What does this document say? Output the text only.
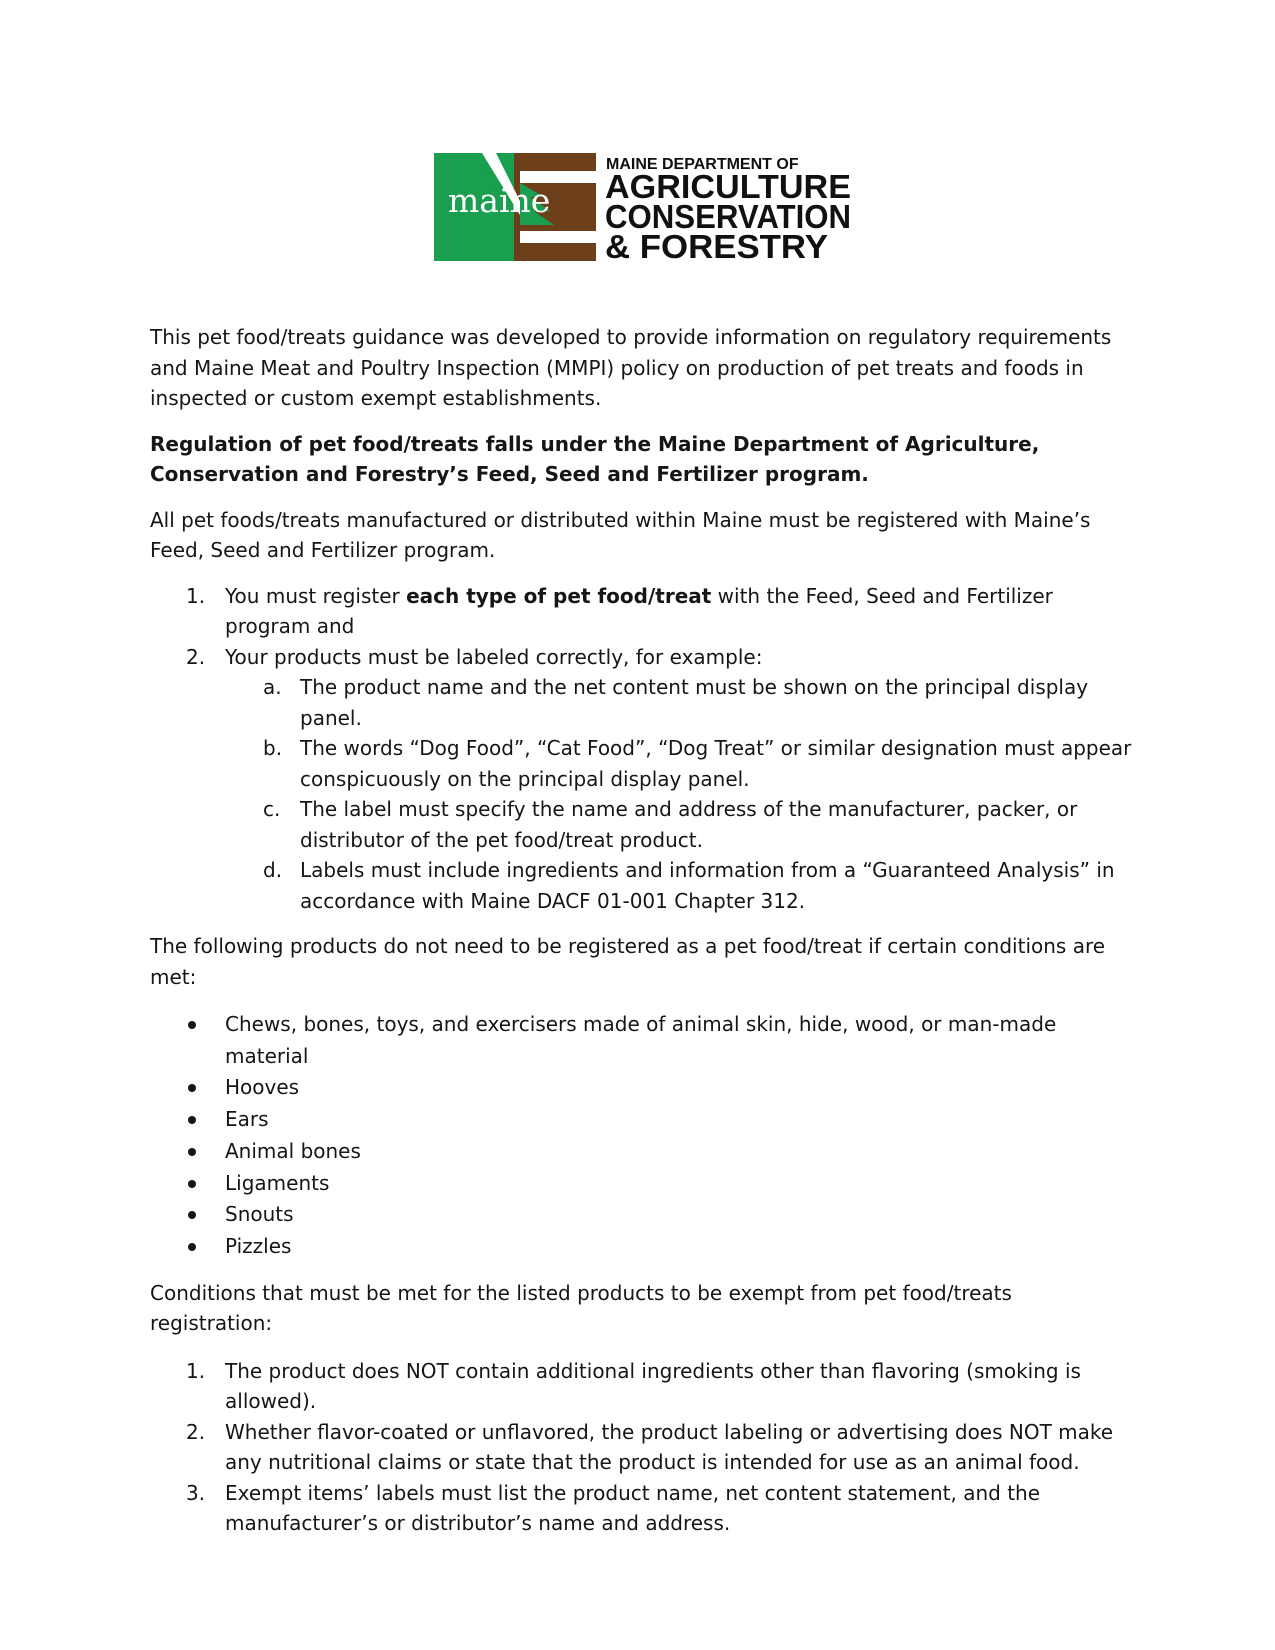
maine
MAINE DEPARTMENT OF
AGRICULTURE
CONSERVATION
& FORESTRY

This pet food/treats guidance was developed to provide information on regulatory requirements and Maine Meat and Poultry Inspection (MMPI) policy on production of pet treats and foods in inspected or custom exempt establishments.

Regulation of pet food/treats falls under the Maine Department of Agriculture, Conservation and Forestry’s Feed, Seed and Fertilizer program.

All pet foods/treats manufactured or distributed within Maine must be registered with Maine’s Feed, Seed and Fertilizer program.

1. You must register each type of pet food/treat with the Feed, Seed and Fertilizer program and
2. Your products must be labeled correctly, for example:
a. The product name and the net content must be shown on the principal display panel.
b. The words “Dog Food”, “Cat Food”, “Dog Treat” or similar designation must appear conspicuously on the principal display panel.
c. The label must specify the name and address of the manufacturer, packer, or distributor of the pet food/treat product.
d. Labels must include ingredients and information from a “Guaranteed Analysis” in accordance with Maine DACF 01-001 Chapter 312.

The following products do not need to be registered as a pet food/treat if certain conditions are met:

Chews, bones, toys, and exercisers made of animal skin, hide, wood, or man-made material
Hooves
Ears
Animal bones
Ligaments
Snouts
Pizzles

Conditions that must be met for the listed products to be exempt from pet food/treats registration:

1. The product does NOT contain additional ingredients other than flavoring (smoking is allowed).
2. Whether flavor-coated or unflavored, the product labeling or advertising does NOT make any nutritional claims or state that the product is intended for use as an animal food.
3. Exempt items’ labels must list the product name, net content statement, and the manufacturer’s or distributor’s name and address.
